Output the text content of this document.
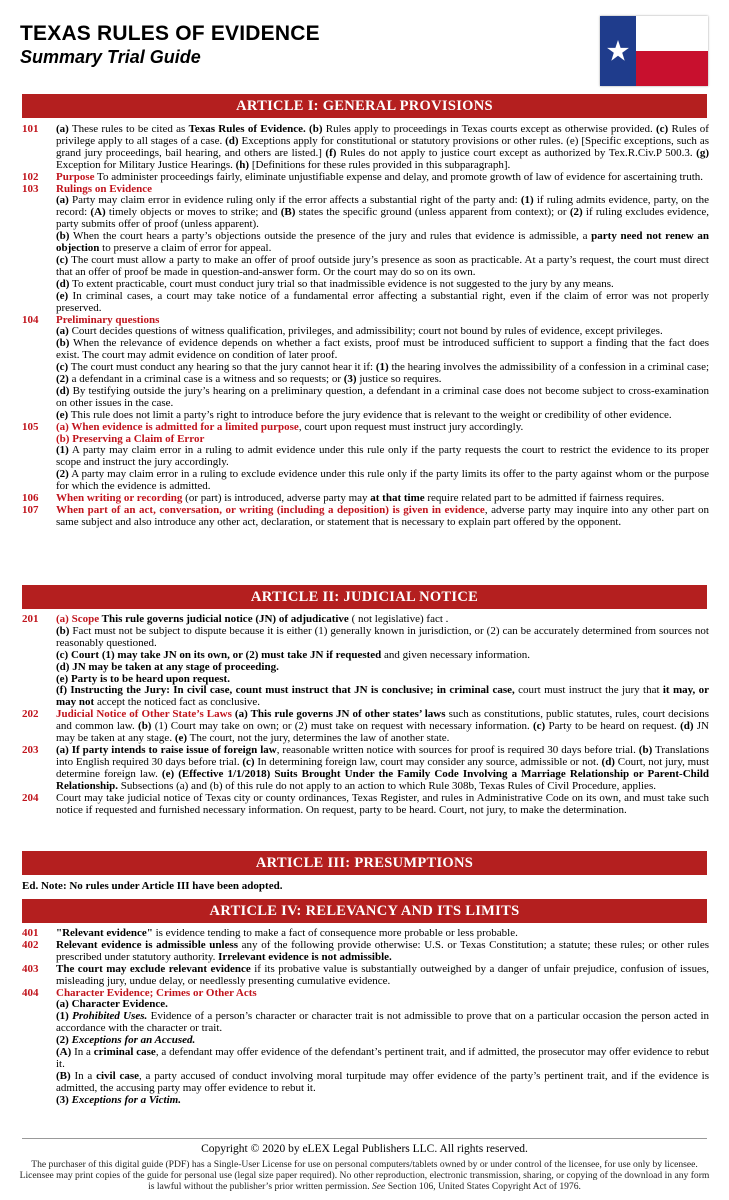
TEXAS RULES OF EVIDENCE
Summary Trial Guide
ARTICLE I: GENERAL PROVISIONS
101	(a) These rules to be cited as Texas Rules of Evidence. (b) Rules apply to proceedings in Texas courts except as otherwise provided. (c) Rules of privilege apply to all stages of a case. (d) Exceptions apply for constitutional or statutory provisions or other rules. (e) [Specific exceptions, such as grand jury proceedings, bail hearing, and others are listed.] (f) Rules do not apply to justice court except as authorized by Tex.R.Civ.P 500.3. (g) Exception for Military Justice Hearings. (h) [Definitions for these rules provided in this subparagraph].
102	Purpose To administer proceedings fairly, eliminate unjustifiable expense and delay, and promote growth of law of evidence for ascertaining truth.
103	Rulings on Evidence
(a) Party may claim error in evidence ruling only if the error affects a substantial right of the party and: (1) if ruling admits evidence, party, on the record: (A) timely objects or moves to strike; and (B) states the specific ground (unless apparent from context); or (2) if ruling excludes evidence, party submits offer of proof (unless apparent).
(b) When the court hears a party’s objections outside the presence of the jury and rules that evidence is admissible, a party need not renew an objection to preserve a claim of error for appeal.
(c) The court must allow a party to make an offer of proof outside jury’s presence as soon as practicable. At a party’s request, the court must direct that an offer of proof be made in question-and-answer form. Or the court may do so on its own.
(d) To extent practicable, court must conduct jury trial so that inadmissible evidence is not suggested to the jury by any means.
(e) In criminal cases, a court may take notice of a fundamental error affecting a substantial right, even if the claim of error was not properly preserved.
104	Preliminary questions
(a) Court decides questions of witness qualification, privileges, and admissibility; court not bound by rules of evidence, except privileges.
(b) When the relevance of evidence depends on whether a fact exists, proof must be introduced sufficient to support a finding that the fact does exist. The court may admit evidence on condition of later proof.
(c) The court must conduct any hearing so that the jury cannot hear it if: (1) the hearing involves the admissibility of a confession in a criminal case; (2) a defendant in a criminal case is a witness and so requests; or (3) justice so requires.
(d) By testifying outside the jury’s hearing on a preliminary question, a defendant in a criminal case does not become subject to cross-examination on other issues in the case.
(e) This rule does not limit a party’s right to introduce before the jury evidence that is relevant to the weight or credibility of other evidence.
105	(a) When evidence is admitted for a limited purpose, court upon request must instruct jury accordingly.
(b) Preserving a Claim of Error
(1) A party may claim error in a ruling to admit evidence under this rule only if the party requests the court to restrict the evidence to its proper scope and instruct the jury accordingly.
(2) A party may claim error in a ruling to exclude evidence under this rule only if the party limits its offer to the party against whom or the purpose for which the evidence is admitted.
106	When writing or recording (or part) is introduced, adverse party may at that time require related part to be admitted if fairness requires.
107	When part of an act, conversation, or writing (including a deposition) is given in evidence, adverse party may inquire into any other part on same subject and also introduce any other act, declaration, or statement that is necessary to explain part offered by the opponent.
ARTICLE II: JUDICIAL NOTICE
201	(a) Scope This rule governs judicial notice (JN) of adjudicative ( not legislative) fact .
(b) Fact must not be subject to dispute because it is either (1) generally known in jurisdiction, or (2) can be accurately determined from sources not reasonably questioned.
(c) Court (1) may take JN on its own, or (2) must take JN if requested and given necessary information.
(d) JN may be taken at any stage of proceeding.
(e) Party is to be heard upon request.
(f) Instructing the Jury: In civil case, count must instruct that JN is conclusive; in criminal case, court must instruct the jury that it may, or may not accept the noticed fact as conclusive.
202	Judicial Notice of Other State’s Laws (a) This rule governs JN of other states’ laws such as constitutions, public statutes, rules, court decisions and common law. (b) (1) Court may take on own; or (2) must take on request with necessary information. (c) Party to be heard on request. (d) JN may be taken at any stage. (e) The court, not the jury, determines the law of another state.
203	(a) If party intends to raise issue of foreign law, reasonable written notice with sources for proof is required 30 days before trial. (b) Translations into English required 30 days before trial. (c) In determining foreign law, court may consider any source, admissible or not. (d) Court, not jury, must determine foreign law. (e) (Effective 1/1/2018) Suits Brought Under the Family Code Involving a Marriage Relationship or Parent-Child Relationship. Subsections (a) and (b) of this rule do not apply to an action to which Rule 308b, Texas Rules of Civil Procedure, applies.
204	Court may take judicial notice of Texas city or county ordinances, Texas Register, and rules in Administrative Code on its own, and must take such notice if requested and furnished necessary information. On request, party to be heard. Court, not jury, to make the determination.
ARTICLE III: PRESUMPTIONS
Ed. Note: No rules under Article III have been adopted.
ARTICLE IV: RELEVANCY AND ITS LIMITS
401	"Relevant evidence" is evidence tending to make a fact of consequence more probable or less probable.
402	Relevant evidence is admissible unless any of the following provide otherwise: U.S. or Texas Constitution; a statute; these rules; or other rules prescribed under statutory authority. Irrelevant evidence is not admissible.
403	The court may exclude relevant evidence if its probative value is substantially outweighed by a danger of unfair prejudice, confusion of issues, misleading jury, undue delay, or needlessly presenting cumulative evidence.
404	Character Evidence; Crimes or Other Acts
(a) Character Evidence.
(1) Prohibited Uses. Evidence of a person’s character or character trait is not admissible to prove that on a particular occasion the person acted in accordance with the character or trait.
(2) Exceptions for an Accused.
(A) In a criminal case, a defendant may offer evidence of the defendant’s pertinent trait, and if admitted, the prosecutor may offer evidence to rebut it.
(B) In a civil case, a party accused of conduct involving moral turpitude may offer evidence of the party’s pertinent trait, and if the evidence is admitted, the accusing party may offer evidence to rebut it.
(3) Exceptions for a Victim.
Copyright © 2020 by eLEX Legal Publishers LLC. All rights reserved.
The purchaser of this digital guide (PDF) has a Single-User License for use on personal computers/tablets owned by or under control of the licensee, for use only by licensee. Licensee may print copies of the guide for personal use (legal size paper required). No other reproduction, electronic transmission, sharing, or copying of the download in any form is lawful without the publisher’s prior written permission. See Section 106, United States Copyright Act of 1976.
